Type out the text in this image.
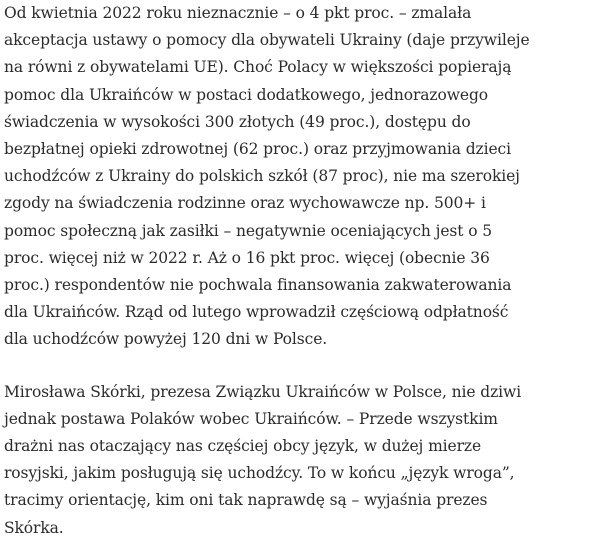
Od kwietnia 2022 roku nieznacznie – o 4 pkt proc. – zmalała
akceptacja ustawy o pomocy dla obywateli Ukrainy (daje przywileje
na równi z obywatelami UE). Choć Polacy w większości popierają
pomoc dla Ukraińców w postaci dodatkowego, jednorazowego
świadczenia w wysokości 300 złotych (49 proc.), dostępu do
bezpłatnej opieki zdrowotnej (62 proc.) oraz przyjmowania dzieci
uchodźców z Ukrainy do polskich szkół (87 proc), nie ma szerokiej
zgody na świadczenia rodzinne oraz wychowawcze np. 500+ i
pomoc społeczną jak zasiłki – negatywnie oceniających jest o 5
proc. więcej niż w 2022 r. Aż o 16 pkt proc. więcej (obecnie 36
proc.) respondentów nie pochwala finansowania zakwaterowania
dla Ukraińców. Rząd od lutego wprowadził częściową odpłatność
dla uchodźców powyżej 120 dni w Polsce.

Mirosława Skórki, prezesa Związku Ukraińców w Polsce, nie dziwi
jednak postawa Polaków wobec Ukraińców. – Przede wszystkim
drażni nas otaczający nas częściej obcy język, w dużej mierze
rosyjski, jakim posługują się uchodźcy. To w końcu „język wroga”,
tracimy orientację, kim oni tak naprawdę są – wyjaśnia prezes
Skórka.
